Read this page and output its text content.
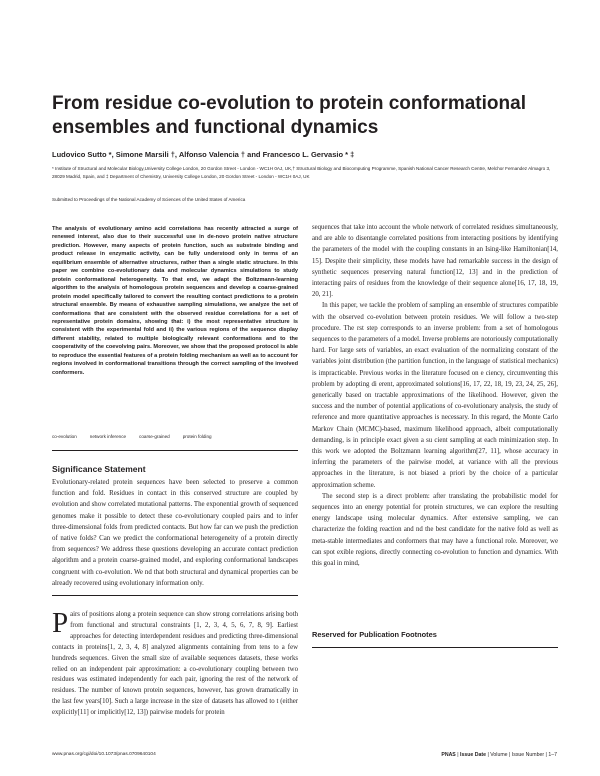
From residue co-evolution to protein conformational ensembles and functional dynamics
Ludovico Sutto *, Simone Marsili †, Alfonso Valencia † and Francesco L. Gervasio * ‡
* Institute of Structural and Molecular Biology,University College London, 20 Gordon Street - London - WC1H 0AJ, UK,† Structural Biology and Biocomputing Programme, Spanish National Cancer Research Centre, Melchor Fernandez Almagro 3, 28029 Madrid, Spain, and ‡ Department of Chemistry, University College London, 20 Gordon Street - London - WC1H 0AJ, UK
Submitted to Proceedings of the National Academy of Sciences of the United States of America

The analysis of evolutionary amino acid correlations has recently attracted a surge of renewed interest, also due to their successful use in de-novo protein native structure prediction. However, many aspects of protein function, such as substrate binding and product release in enzymatic activity, can be fully understood only in terms of an equilibrium ensemble of alternative structures, rather than a single static structure. In this paper we combine co-evolutionary data and molecular dynamics simulations to study protein conformational heterogeneity. To that end, we adapt the Boltzmann-learning algorithm to the analysis of homologous protein sequences and develop a coarse-grained protein model specifically tailored to convert the resulting contact predictions to a protein structural ensemble. By means of exhaustive sampling simulations, we analyze the set of conformations that are consistent with the observed residue correlations for a set of representative protein domains, showing that: i) the most representative structure is consistent with the experimental fold and ii) the various regions of the sequence display different stability, related to multiple biologically relevant conformations and to the cooperativity of the coevolving pairs. Moreover, we show that the proposed protocol is able to reproduce the essential features of a protein folding mechanism as well as to account for regions involved in conformational transitions through the correct sampling of the involved conformers.

co-evolution	network inference	coarse-grained	protein folding
Significance Statement

Evolutionary-related protein sequences have been selected to preserve a common function and fold. Residues in contact in this conserved structure are coupled by evolution and show correlated mutational patterns. The exponential growth of sequenced genomes make it possible to detect these co-evolutionary coupled pairs and to infer three-dimensional folds from predicted contacts. But how far can we push the prediction of native folds? Can we predict the conformational heterogeneity of a protein directly from sequences? We address these questions developing an accurate contact prediction algorithm and a protein coarse-grained model, and exploring conformational landscapes congruent with co-evolution. We nd that both structural and dynamical properties can be already recovered using evolutionary information only.

Pairs of positions along a protein sequence can show strong correlations arising both from functional and structural constraints [1, 2, 3, 4, 5, 6, 7, 8, 9]. Earliest approaches for detecting interdependent residues and predicting three-dimensional contacts in proteins[1, 2, 3, 4, 8] analyzed alignments containing from tens to a few hundreds sequences. Given the small size of available sequences datasets, these works relied on an independent pair approximation: a co-evolutionary coupling between two residues was estimated independently for each pair, ignoring the rest of the network of residues. The number of known protein sequences, however, has grown dramatically in the last few years[10]. Such a large increase in the size of datasets has allowed to t (either explicitly[11] or implicitly[12, 13]) pairwise models for protein

sequences that take into account the whole network of correlated residues simultaneously, and are able to disentangle correlated positions from interacting positions by identifying the parameters of the model with the coupling constants in an Ising-like Hamiltonian[14, 15]. Despite their simplicity, these models have had remarkable success in the design of synthetic sequences preserving natural function[12, 13] and in the prediction of interacting pairs of residues from the knowledge of their sequence alone[16, 17, 18, 19, 20, 21].

In this paper, we tackle the problem of sampling an ensemble of structures compatible with the observed co-evolution between protein residues. We will follow a two-step procedure. The rst step corresponds to an inverse problem: from a set of homologous sequences to the parameters of a model. Inverse problems are notoriously computationally hard. For large sets of variables, an exact evaluation of the normalizing constant of the variables joint distribution (the partition function, in the language of statistical mechanics) is impracticable. Previous works in the literature focused on e ciency, circumventing this problem by adopting di erent, approximated solutions[16, 17, 22, 18, 19, 23, 24, 25, 26], generically based on tractable approximations of the likelihood. However, given the success and the number of potential applications of co-evolutionary analysis, the study of reference and more quantitative approaches is necessary. In this regard, the Monte Carlo Markov Chain (MCMC)-based, maximum likelihood approach, albeit computationally demanding, is in principle exact given a su cient sampling at each minimization step. In this work we adopted the Boltzmann learning algorithm[27, 11], whose accuracy in inferring the parameters of the pairwise model, at variance with all the previous approaches in the literature, is not biased a priori by the choice of a particular approximation scheme.

The second step is a direct problem: after translating the probabilistic model for sequences into an energy potential for protein structures, we can explore the resulting energy landscape using molecular dynamics. After extensive sampling, we can characterize the folding reaction and nd the best candidate for the native fold as well as meta-stable intermediates and conformers that may have a functional role. Moreover, we can spot exible regions, directly connecting co-evolution to function and dynamics. With this goal in mind,

Reserved for Publication Footnotes
www.pnas.org/cgi/doi/10.1073/pnas.0709640104	PNAS | Issue Date | Volume | Issue Number | 1–7
